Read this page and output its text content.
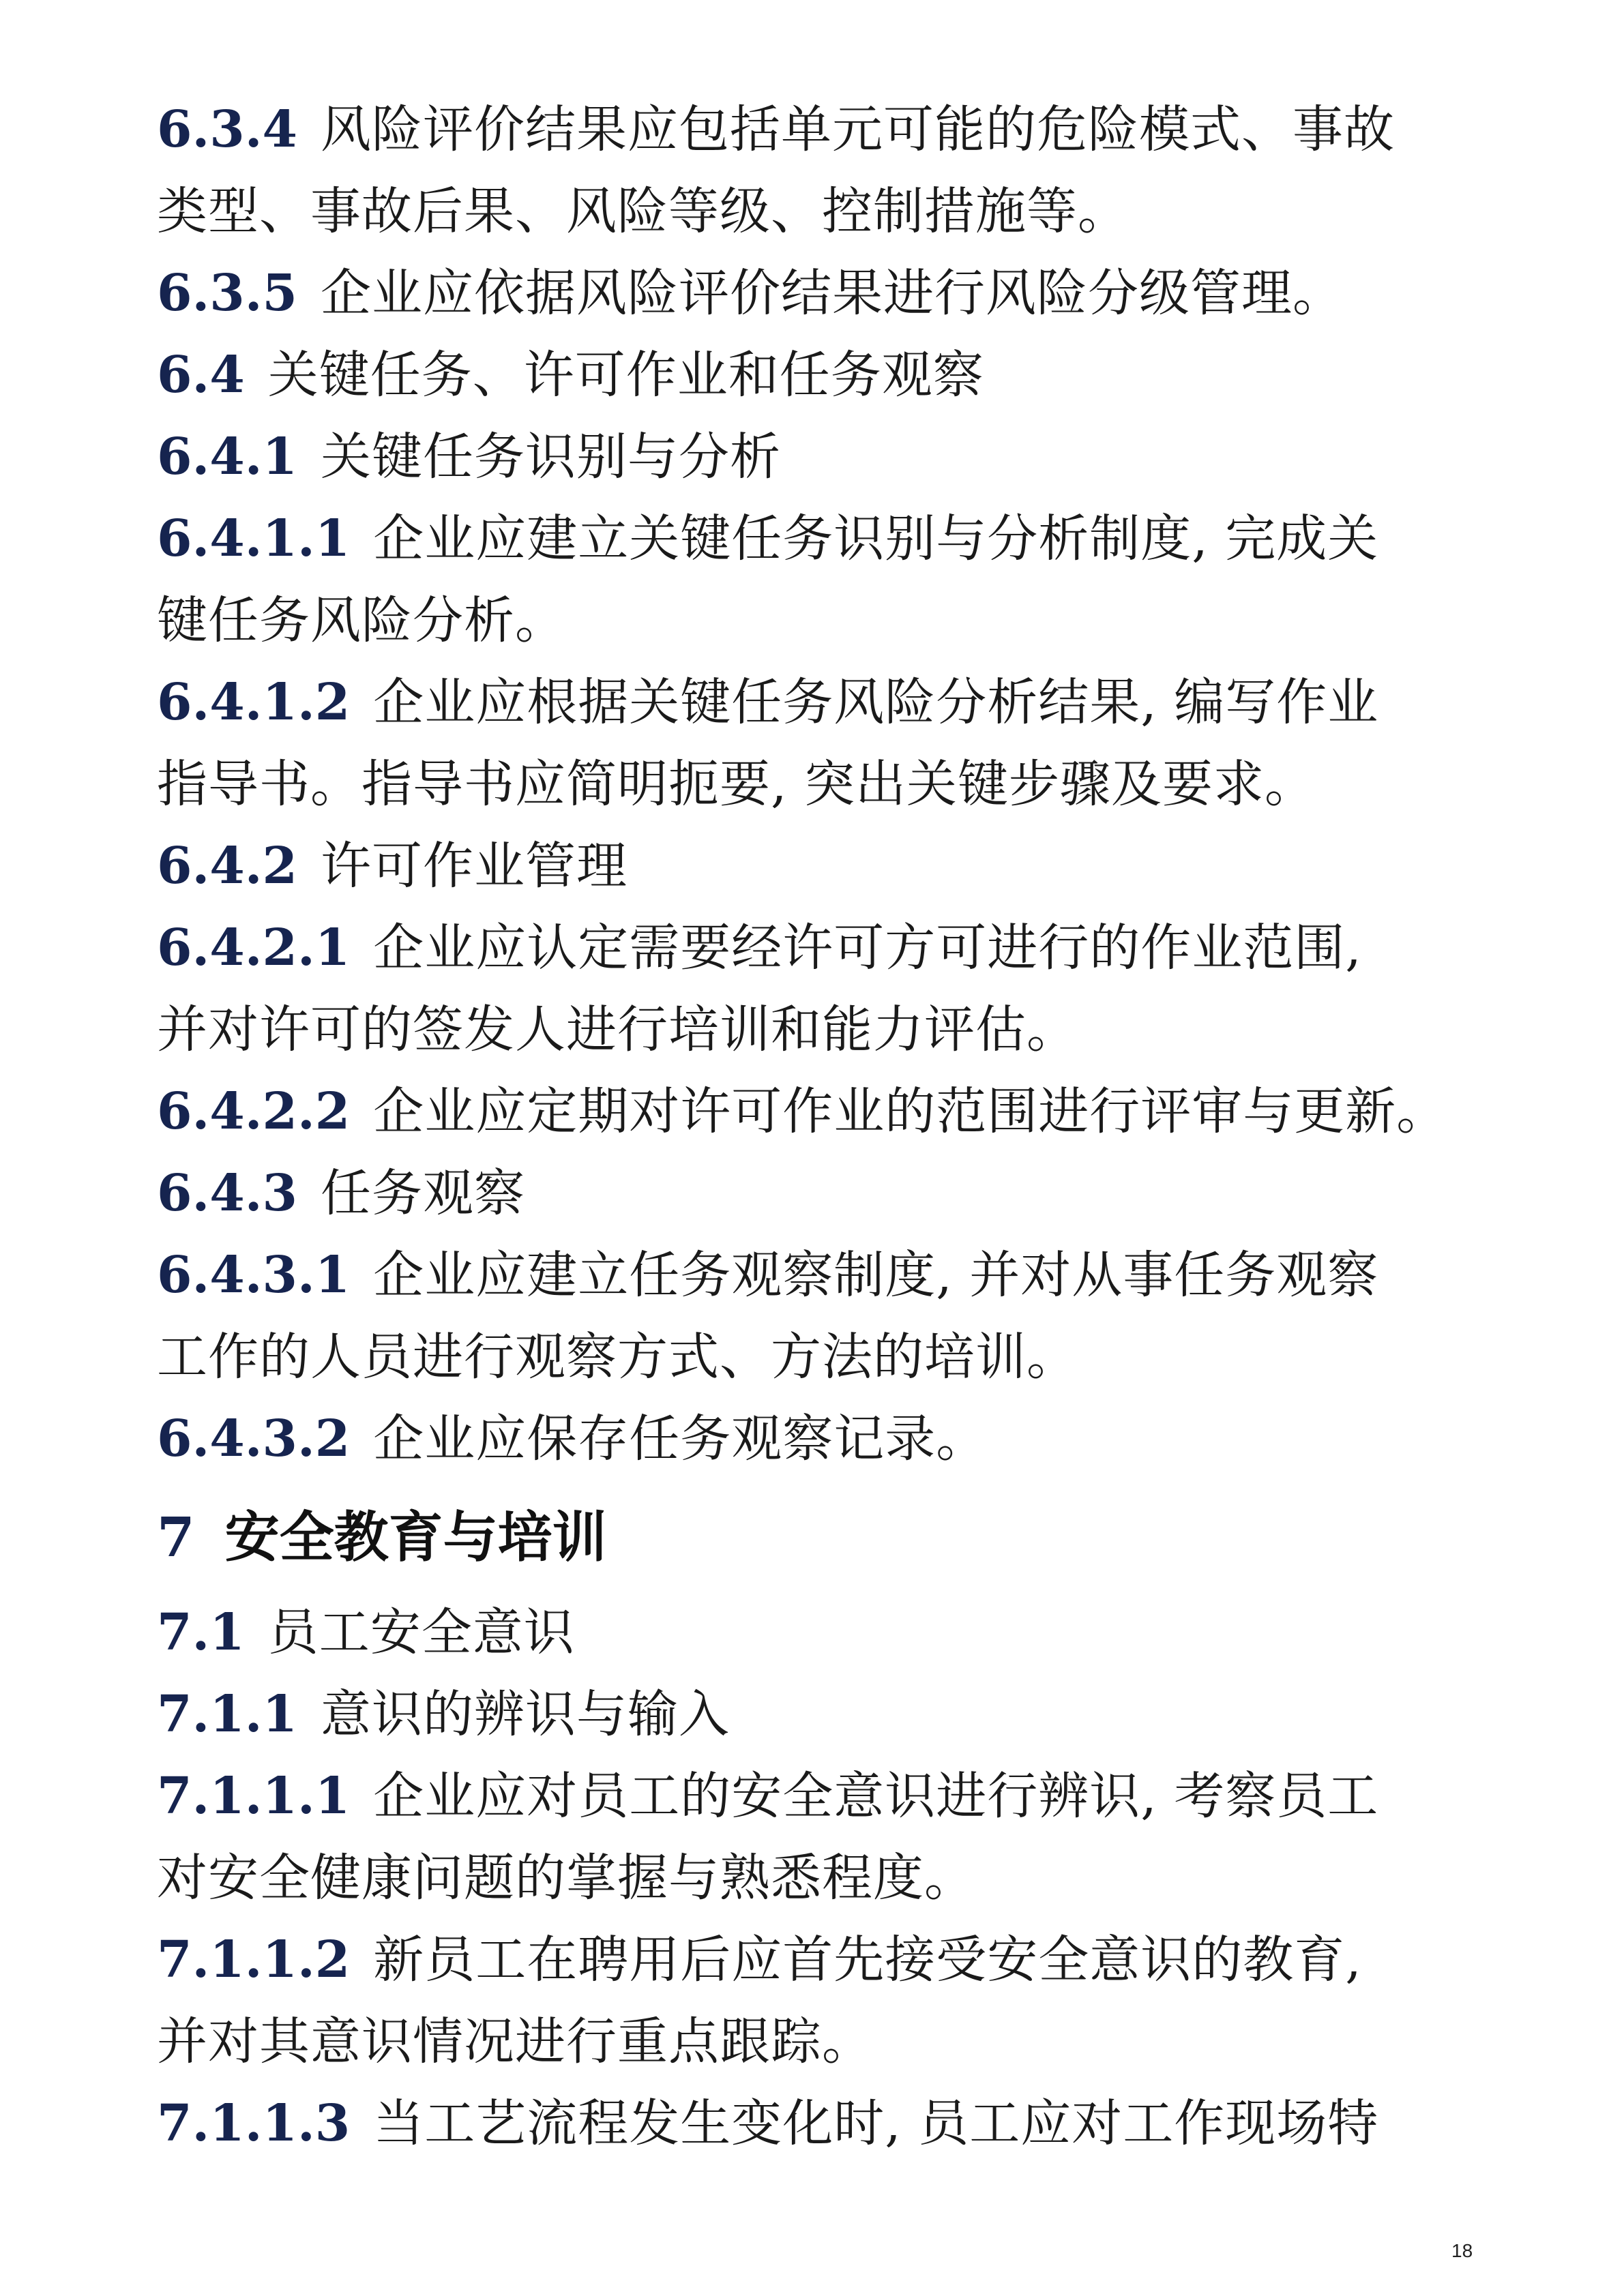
6.3.4 风险评价结果应包括单元可能的危险模式、事故
类型、事故后果、风险等级、控制措施等。
6.3.5 企业应依据风险评价结果进行风险分级管理。
6.4 关键任务、许可作业和任务观察
6.4.1 关键任务识别与分析
6.4.1.1 企业应建立关键任务识别与分析制度, 完成关
键任务风险分析。
6.4.1.2 企业应根据关键任务风险分析结果, 编写作业
指导书。指导书应简明扼要, 突出关键步骤及要求。
6.4.2 许可作业管理
6.4.2.1 企业应认定需要经许可方可进行的作业范围,
并对许可的签发人进行培训和能力评估。
6.4.2.2 企业应定期对许可作业的范围进行评审与更新。
6.4.3 任务观察
6.4.3.1 企业应建立任务观察制度, 并对从事任务观察
工作的人员进行观察方式、方法的培训。
6.4.3.2 企业应保存任务观察记录。
7 安全教育与培训
7.1 员工安全意识
7.1.1 意识的辨识与输入
7.1.1.1 企业应对员工的安全意识进行辨识, 考察员工
对安全健康问题的掌握与熟悉程度。
7.1.1.2 新员工在聘用后应首先接受安全意识的教育,
并对其意识情况进行重点跟踪。
7.1.1.3 当工艺流程发生变化时, 员工应对工作现场特
18
